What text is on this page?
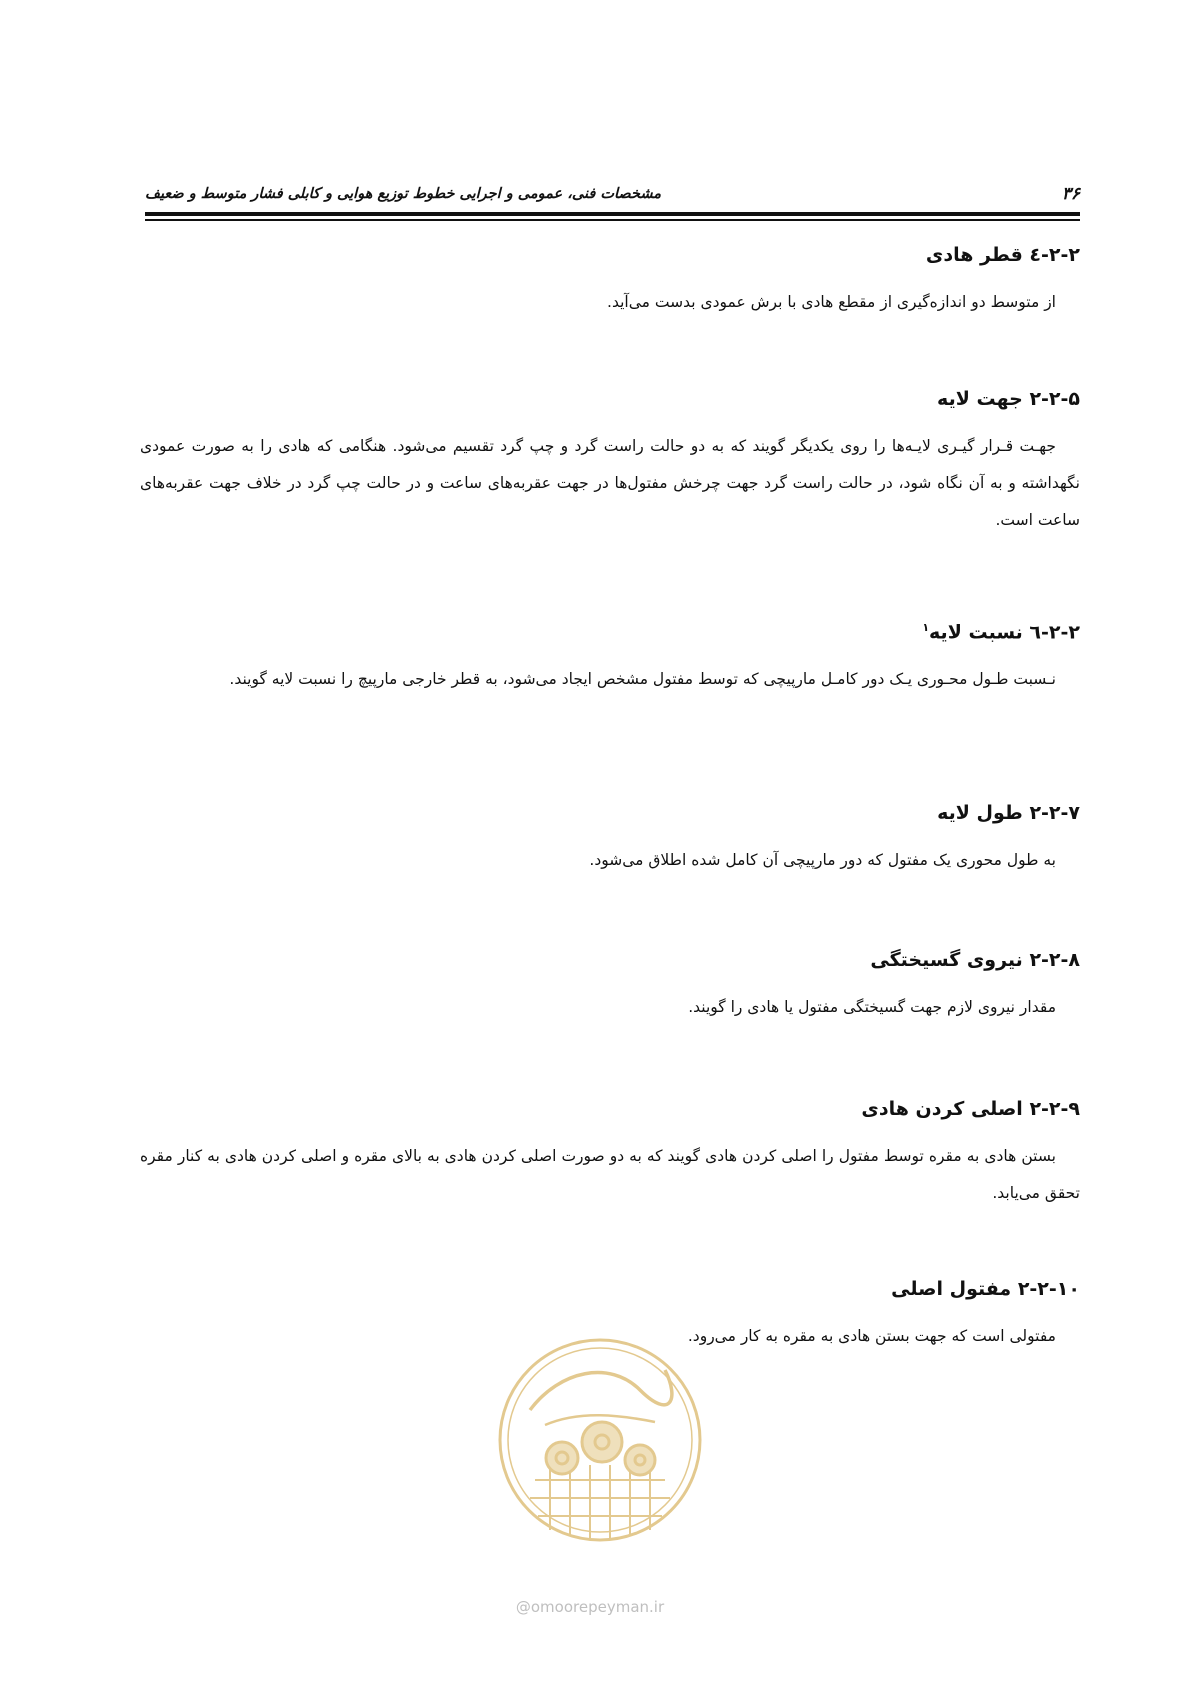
۳۶
مشخصات فنی، عمومی و اجرایی خطوط توزیع هوایی و کابلی فشار متوسط و ضعیف
۲-۲-٤ قطر هادی

از متوسط دو اندازه‌گیری از مقطع هادی با برش عمودی بدست می‌آید.

۲-۲-۵ جهت لایه

جهـت قـرار گیـری لایـه‌ها را روی یکدیگر گویند که به دو حالت راست گرد و چپ گرد تقسیم می‌شود. هنگامی که هادی را به صورت عمودی نگهداشته و به آن نگاه شود، در حالت راست گرد جهت چرخش مفتول‌ها در جهت عقربه‌های ساعت و در حالت چپ گرد در خلاف جهت عقربه‌های ساعت است.

۲-۲-٦ نسبت لایه$^۱$

نـسبت طـول محـوری یـک دور کامـل مارپیچی که توسط مفتول مشخص ایجاد می‌شود، به قطر خارجی مارپیچ را نسبت لایه گویند.

۲-۲-۷ طول لایه

به طول محوری یک مفتول که دور مارپیچی آن کامل شده اطلاق می‌شود.

۲-۲-۸ نیروی گسیختگی

مقدار نیروی لازم جهت گسیختگی مفتول یا هادی را گویند.

۲-۲-۹ اصلی کردن هادی

بستن هادی به مقره توسط مفتول را اصلی کردن هادی گویند که به دو صورت اصلی کردن هادی به بالای مقره و اصلی کردن هادی به کنار مقره تحقق می‌یابد.

۲-۲-۱۰ مفتول اصلی

مفتولی است که جهت بستن هادی به مقره به کار می‌رود.

@omoorepeyman.ir
